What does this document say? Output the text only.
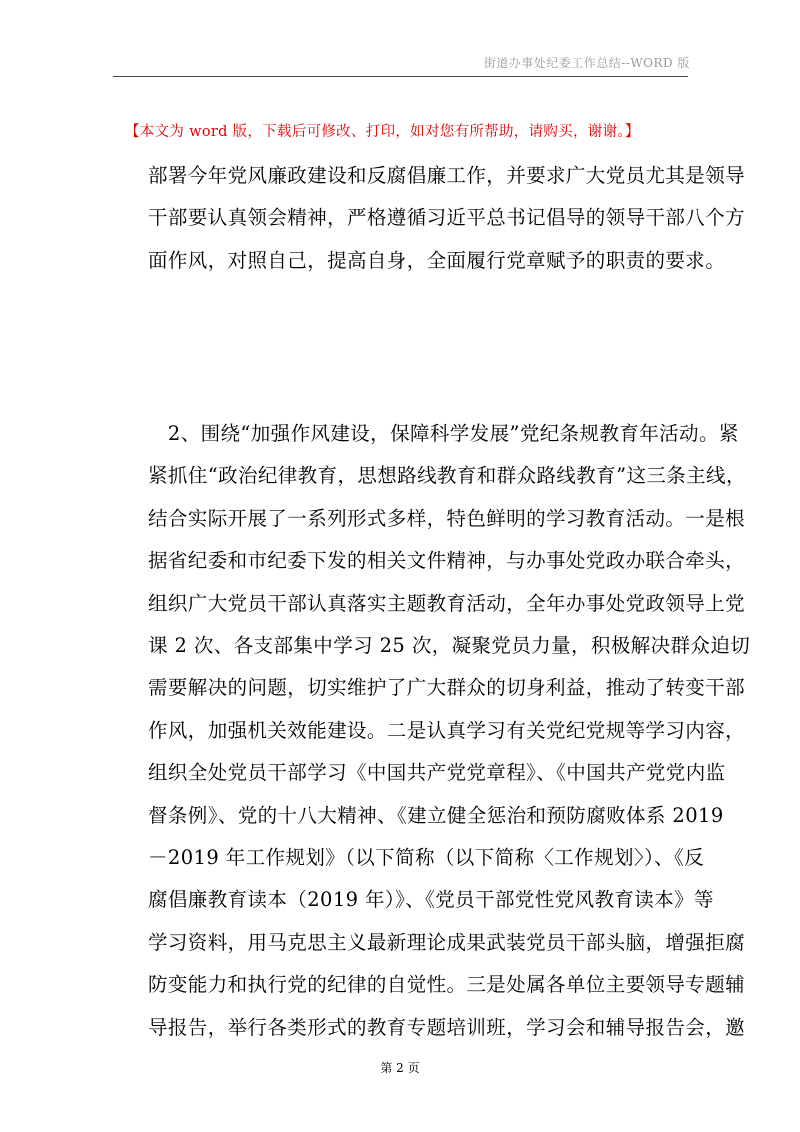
街道办事处纪委工作总结--WORD 版
【本文为 word 版，下载后可修改、打印，如对您有所帮助，请购买，谢谢。】
部署今年党风廉政建设和反腐倡廉工作，并要求广大党员尤其是领导
干部要认真领会精神，严格遵循习近平总书记倡导的领导干部八个方
面作风，对照自己，提高自身，全面履行党章赋予的职责的要求。
　2、围绕“加强作风建设，保障科学发展”党纪条规教育年活动。紧
紧抓住“政治纪律教育，思想路线教育和群众路线教育”这三条主线，
结合实际开展了一系列形式多样，特色鲜明的学习教育活动。一是根
据省纪委和市纪委下发的相关文件精神，与办事处党政办联合牵头，
组织广大党员干部认真落实主题教育活动，全年办事处党政领导上党
课 2 次、各支部集中学习 25 次，凝聚党员力量，积极解决群众迫切
需要解决的问题，切实维护了广大群众的切身利益，推动了转变干部
作风，加强机关效能建设。二是认真学习有关党纪党规等学习内容，
组织全处党员干部学习《中国共产党党章程》、《中国共产党党内监
督条例》、党的十八大精神、《建立健全惩治和预防腐败体系 2019
－2019 年工作规划》（以下简称（以下简称〈工作规划〉）、《反
腐倡廉教育读本（2019 年）》、《党员干部党性党风教育读本》等
学习资料，用马克思主义最新理论成果武装党员干部头脑，增强拒腐
防变能力和执行党的纪律的自觉性。三是处属各单位主要领导专题辅
导报告，举行各类形式的教育专题培训班，学习会和辅导报告会，邀
第 2 页
